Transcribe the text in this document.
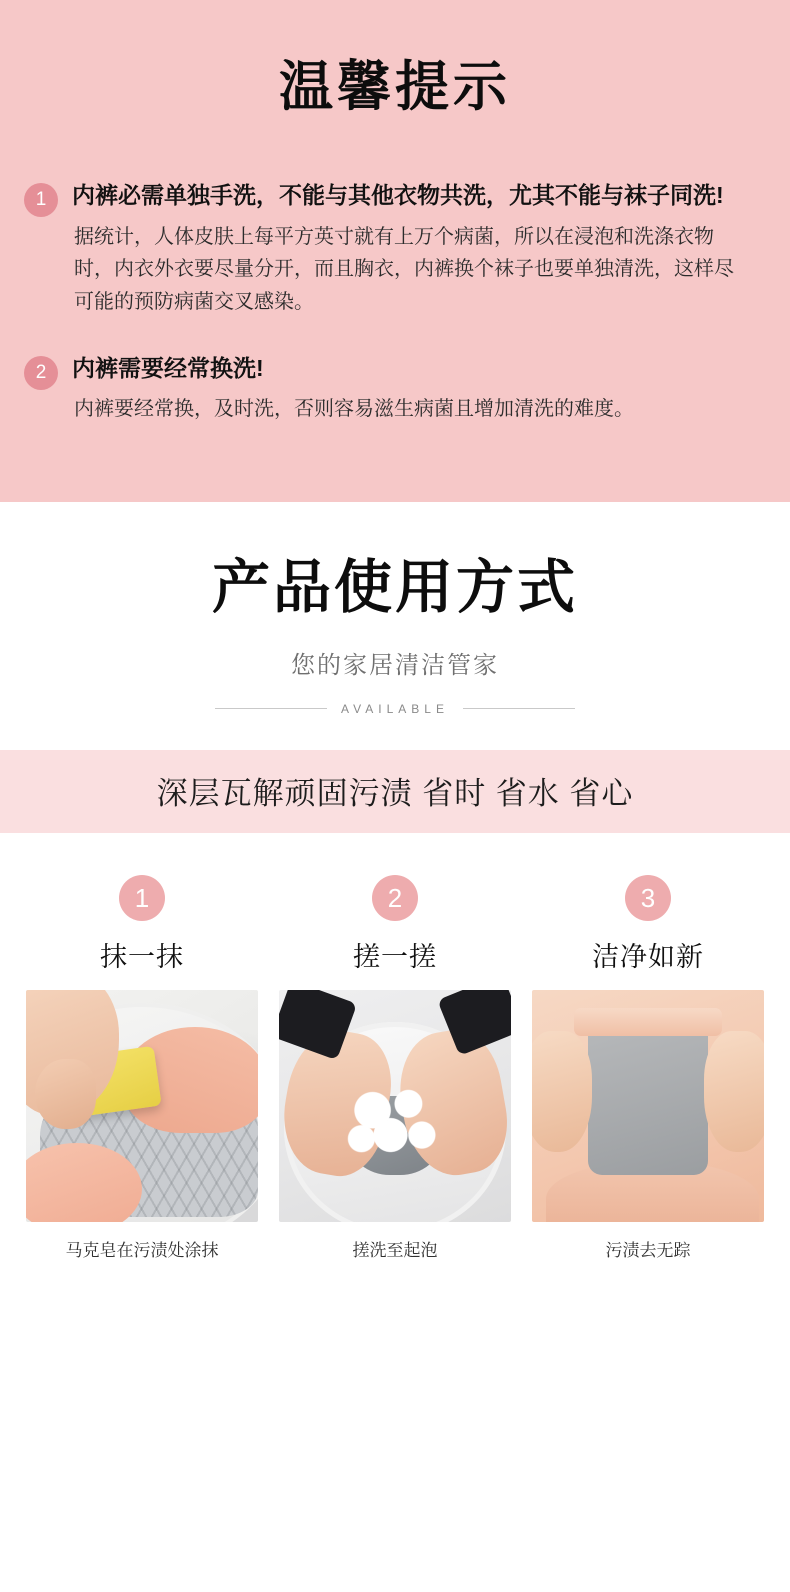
温馨提示
1	内裤必需单独手洗，不能与其他衣物共洗，尤其不能与袜子同洗!

据统计，人体皮肤上每平方英寸就有上万个病菌，所以在浸泡和洗涤衣物时，内衣外衣要尽量分开，而且胸衣，内裤换个袜子也要单独清洗，这样尽可能的预防病菌交叉感染。

2	内裤需要经常换洗!

内裤要经常换，及时洗，否则容易滋生病菌且增加清洗的难度。

产品使用方式

您的家居清洁管家

AVAILABLE

深层瓦解顽固污渍 省时 省水 省心

1

抹一抹

马克皂在污渍处涂抹

2

搓一搓

搓洗至起泡

3

洁净如新

污渍去无踪
